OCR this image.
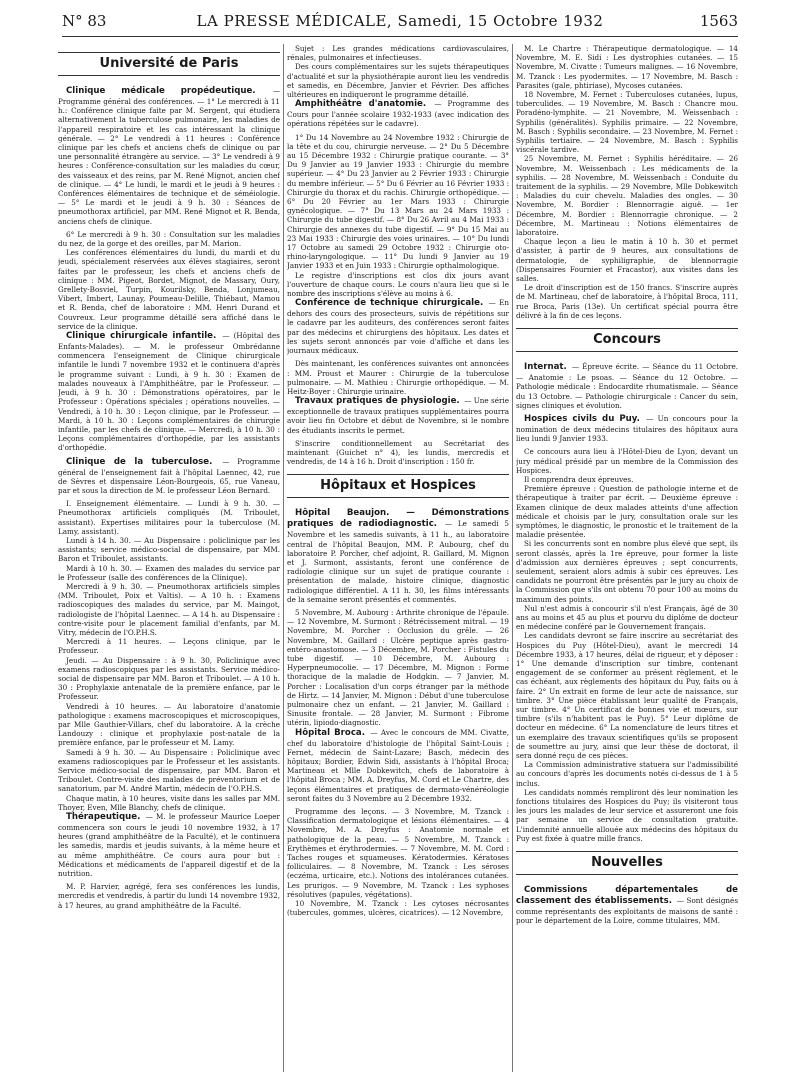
N° 83	LA PRESSE MÉDICALE, Samedi, 15 Octobre 1932	1563
Université de Paris
Clinique médicale propédeutique. — Programme général des conférences. — 1° Le mercredi à 11 h.: Conférence clinique faite par M. Sergent, qui étudiera alternativement la tuberculose pulmonaire, les maladies de l'appareil respiratoire et les cas intéressant la clinique générale. — 2° Le vendredi à 11 heures : Conférence clinique par les chefs et anciens chefs de clinique ou par une personnalité étrangère au service. — 3° Le vendredi à 9 heures : Conférence-consultation sur les maladies du cœur, des vaisseaux et des reins, par M. René Mignot, ancien chef de clinique. — 4° Le lundi, le mardi et le jeudi à 9 heures : Conférences élémentaires de technique et de séméiologie. — 5° Le mardi et le jeudi à 9 h. 30 : Séances de pneumothorax artificiel, par MM. René Mignot et R. Benda, anciens chefs de clinique.

6° Le mercredi à 9 h. 30 : Consultation sur les maladies du nez, de la gorge et des oreilles, par M. Marion.

Les conférences élémentaires du lundi, du mardi et du jeudi, spécialement réservées aux élèves stagiaires, seront faites par le professeur, les chefs et anciens chefs de clinique : MM. Pigeot, Bordet, Mignot, de Massary, Oury, Grellety-Bosviel, Turpin, Kourilsky, Benda, Lonjumeau, Vibert, Imbert, Launay, Poumeau-Delille, Thiébaut, Mamou et R. Benda, chef de laboratoire : MM. Henri Durand et Couvreux. Leur programme détaillé sera affiché dans le service de la clinique.

Clinique chirurgicale infantile. — (Hôpital des Enfants-Malades). — M. le professeur Ombrédanne commencera l'enseignement de Clinique chirurgicale infantile le lundi 7 novembre 1932 et le continuera d'après le programme suivant : Lundi, à 9 h. 30 : Examen de malades nouveaux à l'Amphithéâtre, par le Professeur. — Jeudi, à 9 h. 30 : Démonstrations opératoires, par le Professeur : Opérations spéciales ; opérations nouvelles. — Vendredi, à 10 h. 30 : Leçon clinique, par le Professeur. — Mardi, à 10 h. 30 : Leçons complémentaires de chirurgie infantile, par les chefs de clinique. — Mercredi, à 10 h. 30 : Leçons complémentaires d'orthopédie, par les assistants d'orthopédie.
Clinique de la tuberculose. — Programme général de l'enseignement fait à l'hôpital Laennec, 42, rue de Sèvres et dispensaire Léon-Bourgeois, 65, rue Vaneau, par et sous la direction de M. le professeur Léon Bernard.

I. Enseignement élémentaire. — Lundi à 9 h. 30. — Pneumothorax artificiels compliqués (M. Triboulet, assistant). Expertises militaires pour la tuberculose (M. Lamy, assistant).

Lundi à 14 h. 30. — Au Dispensaire : policlinique par les assistants; service médico-social de dispensaire, par MM. Baron et Triboulet, assistants.

Mardi à 10 h. 30. — Examen des malades du service par le Professeur (salle des conférences de la Clinique).

Mercredi à 9 h. 30. — Pneumothorax artificiels simples (MM. Triboulet, Poix et Valtis). — A 10 h. : Examens radioscopiques des malades du service, par M. Maingot, radiologiste de l'hôpital Laennec. — A 14 h. au Dispensaire : contre-visite pour le placement familial d'enfants, par M. Vitry, médecin de l'O.P.H.S.

Mercredi à 11 heures. — Leçons clinique, par le Professeur.

Jeudi. — Au Dispensaire : à 9 h. 30, Policlinique avec examens radioscopiques par les assistants. Service médico-social de dispensaire par MM. Baron et Triboulet. — A 10 h. 30 : Prophylaxie antenatale de la première enfance, par le Professeur.

Vendredi à 10 heures. — Au laboratoire d'anatomie pathologique : examens macroscopiques et microscopiques, par Mlle Gauthier-Villars, chef du laboratoire. A la crèche Landouzy : clinique et prophylaxie post-natale de la première enfance, par le professeur et M. Lamy.

Samedi à 9 h. 30. — Au Dispensaire : Policlinique avec examens radioscopiques par le Professeur et les assistants. Service médico-social de dispensaire, par MM. Baron et Triboulet. Contre-visite des malades de préventorium et de sanatorium, par M. André Martin, médecin de l'O.P.H.S.

Chaque matin, à 10 heures, visite dans les salles par MM. Thoyer, Even, Mlle Blanchy, chefs de clinique.

Thérapeutique. — M. le professeur Maurice Loeper commencera son cours le jeudi 10 novembre 1932, à 17 heures (grand amphithéâtre de la Faculté), et le continuera les samedis, mardis et jeudis suivants, à la même heure et au même amphithéâtre. Ce cours aura pour but : Médications et médicaments de l'appareil digestif et de la nutrition.

M. P. Harvier, agrégé, fera ses conférences les lundis, mercredis et vendredis, à partir du lundi 14 novembre 1932, à 17 heures, au grand amphithéâtre de la Faculté.

Sujet : Les grandes médications cardiovasculaires, rénales, pulmonaires et infectieuses.

Des cours complémentaires sur les sujets thérapeutiques d'actualité et sur la physiothérapie auront lieu les vendredis et samedis, en Décembre, Janvier et Février. Des affiches ultérieures en indiqueront le programme détaillé.

Amphithéâtre d'anatomie. — Programme des Cours pour l'année scolaire 1932-1933 (avec indication des opérations répétées sur le cadavre).

1° Du 14 Novembre au 24 Novembre 1932 : Chirurgie de la tête et du cou, chirurgie nerveuse. — 2° Du 5 Décembre au 15 Décembre 1932 : Chirurgie pratique courante. — 3° Du 9 Janvier au 19 Janvier 1933 : Chirurgie du membre supérieur. — 4° Du 23 Janvier au 2 Février 1933 : Chirurgie du membre inférieur. — 5° Du 6 Février au 16 Février 1933 : Chirurgie du thorax et du rachis. Chirurgie orthopédique. — 6° Du 20 Février au 1er Mars 1933 : Chirurgie gynécologique. — 7° Du 13 Mars au 24 Mars 1933 : Chirurgie du tube digestif. — 8° Du 26 Avril au 4 Mai 1933 : Chirurgie des annexes du tube digestif. — 9° Du 15 Mai au 23 Mai 1933 : Chirurgie des voies urinaires. — 10° Du lundi 17 Octobre au samedi 29 Octobre 1932 : Chirurgie oto-rhino-laryngologique. — 11° Du lundi 9 Janvier au 19 Janvier 1933 et en Juin 1933 : Chirurgie opthalmologique.

Le registre d'inscriptions est clos dix jours avant l'ouverture de chaque cours. Le cours n'aura lieu que si le nombre des inscriptions s'élève au moins à 6.

Conférence de technique chirurgicale. — En dehors des cours des prosecteurs, suivis de répétitions sur le cadavre par les auditeurs, des conférences seront faites par des médecins et chirurgiens des hôpitaux. Les dates et les sujets seront annoncés par voie d'affiche et dans les journaux médicaux.

Dès maintenant, les conférences suivantes ont annoncées : MM. Proust et Maurer : Chirurgie de la tuberculose pulmonaire. — M. Mathieu : Chirurgie orthopédique. — M. Heitz-Boyer : Chirurgie urinaire.

Travaux pratiques de physiologie. — Une série exceptionnelle de travaux pratiques supplémentaires pourra avoir lieu fin Octobre et début de Novembre, si le nombre des étudiants inscrits le permet.

S'inscrire conditionnellement au Secrétariat des maintenant (Guichet n° 4), les lundis, mercredis et vendredis, de 14 à 16 h. Droit d'inscription : 150 fr.

Hôpitaux et Hospices
Hôpital Beaujon. — Démonstrations pratiques de radiodiagnostic. — Le samedi 5 Novembre et les samedis suivants, à 11 h., au laboratoire central de l'hôpital Beaujon, MM. P. Aubourg, chef du laboratoire P. Porcher, chef adjoint, R. Gaillard, M. Mignon et J. Surmont, assistants, feront une conférence de radiologie clinique sur un sujet de pratique courante : présentation de malade, histoire clinique, diagnostic radiologique différentiel. A 11 h. 30, les films intéressants de la semaine seront présentés et commentés.

5 Novembre, M. Aubourg : Arthrite chronique de l'épaule. — 12 Novembre, M. Surmont : Rétrécissement mitral. — 19 Novembre, M. Porcher : Occlusion du grêle. — 26 Novembre, M. Gaillard : Ulcère peptique après gastro-entéro-anastomose. — 3 Décembre, M. Porcher : Fistules du tube digestif. — 10 Décembre, M. Aubourg : Hyperpneumocolie. — 17 Décembre, M. Mignon : Forme thoracique de la maladie de Hodgkin. — 7 Janvier, M. Porcher : Localisation d'un corps étranger par la méthode de Hirtz. — 14 Janvier, M. Mignon : Début d'une tuberculose pulmonaire chez un enfant. — 21 Janvier, M. Gaillard : Sinusite frontale. — 28 Janvier, M. Surmont : Fibrome utérin, lipiodo-diagnostic.

Hôpital Broca. — Avec le concours de MM. Civatte, chef du laboratoire d'histologie de l'hôpital Saint-Louis ; Fernet, médecin de Saint-Lazare; Basch, médecin des hôpitaux; Bordier, Edwin Sidi, assistants à l'hôpital Broca; Martineau et Mlle Dobkewitch, chefs de laboratoire à l'hôpital Broca ; MM. A. Dreyfus, M. Cord et Le Chartre, des leçons élémentaires et pratiques de dermato-vénéréologie seront faites du 3 Novembre au 2 Décembre 1932.

Programme des leçons. — 3 Novembre, M. Tzanck : Classification dermatologique et lésions élémentaires. — 4 Novembre, M. A. Dreyfus : Anatomie normale et pathologique de la peau. — 5 Novembre, M. Tzanck : Erythèmes et érythrodermies. — 7 Novembre, M. M. Cord : Taches rouges et squameuses. Kératodermies. Kératoses folliculaires. — 8 Novembre, M. Tzanck : Les séroses (eczéma, urticaire, etc.). Notions des intolérances cutanées. Les prurigos. — 9 Novembre, M. Tzanck : Les syphoses résolutives (papules, végétations).

10 Novembre, M. Tzanck : Les cytoses nécrosantes (tubercules, gommes, ulcères, cicatrices). — 12 Novembre,

M. Le Chartre : Thérapeutique dermatologique. — 14 Novembre, M. E. Sidi : Les dystrophies cutanées. — 15 Novembre, M. Civatte : Tumeurs malignes. — 16 Novembre, M. Tzanck : Les pyodermites. — 17 Novembre, M. Basch : Parasites (gale, phtiriase), Mycoses cutanées.

18 Novembre, M. Fernet : Tuberculoses cutanées, lupus, tuberculides. — 19 Novembre, M. Basch : Chancre mou. Poradéno-lymphite. — 21 Novembre, M. Weissenbach : Syphilis (généralités). Syphilis primaire. — 22 Novembre, M. Basch : Syphilis secondaire. — 23 Novembre, M. Fernet : Syphilis tertiaire. — 24 Novembre, M. Basch : Syphilis viscérale tardive.

25 Novembre, M. Fernet : Syphilis héréditaire. — 26 Novembre, M. Weissenbach : Les médicaments de la syphilis. — 28 Novembre, M. Weissenbach : Conduite du traitement de la syphilis. — 29 Novembre, Mlle Dobkewitch : Maladies du cuir chevelu. Maladies des ongles. — 30 Novembre, M. Bordier : Blennorragie aiguë. — 1er Décembre, M. Bordier : Blennorragie chronique. — 2 Décembre, M. Martineau : Notions élémentaires de laboratoire.

Chaque leçon a lieu le matin à 10 h. 30 et permet d'assister, à partir de 9 heures, aux consultations de dermatologie, de syphiligraphie, de blennorragie (Dispensaires Fournier et Fracastor), aux visites dans les salles.

Le droit d'inscription est de 150 francs. S'inscrire auprès de M. Martineau, chef de laboratoire, à l'hôpital Broca, 111, rue Broca, Paris (13e). Un certificat spécial pourra être délivré à la fin de ces leçons.

Concours
Internat. — Épreuve écrite. — Séance du 11 Octobre. — Anatomie : Le psoas. — Séance du 12 Octobre. — Pathologie médicale : Endocardite rhumatismale. — Séance du 13 Octobre. — Pathologie chirurgicale : Cancer du sein, signes cliniques et évolution.
Hospices civils du Puy. — Un concours pour la nomination de deux médecins titulaires des hôpitaux aura lieu lundi 9 Janvier 1933.

Ce concours aura lieu à l'Hôtel-Dieu de Lyon, devant un jury médical présidé par un membre de la Commission des Hospices.

Il comprendra deux épreuves.

Première épreuve : Question de pathologie interne et de thérapeutique à traiter par écrit. — Deuxième épreuve : Examen clinique de deux malades atteints d'une affection médicale et choisis par le jury, consultation orale sur les symptômes, le diagnostic, le pronostic et le traitement de la maladie présentée.

Si les concurrents sont en nombre plus élevé que sept, ils seront classés, après la 1re épreuve, pour former la liste d'admission aux dernières épreuves ; sept concurrents, seulement, seraient alors admis à subir ces épreuves. Les candidats ne pourront être présentés par le jury au choix de la Commission que s'ils ont obtenu 70 pour 100 au moins du maximum des points.

Nul n'est admis à concourir s'il n'est Français, âgé de 30 ans au moins et 45 au plus et pourvu du diplôme de docteur en médecine conféré par le Gouvernement français.

Les candidats devront se faire inscrire au secrétariat des Hospices du Puy (Hôtel-Dieu), avant le mercredi 14 Décembre 1933, à 17 heures, délai de rigueur, et y déposer : 1° Une demande d'inscription sur timbre, contenant engagement de se conformer au présent règlement, et le cas échéant, aux règlements des hôpitaux du Puy, faits ou à faire. 2° Un extrait en forme de leur acte de naissance, sur timbre. 3° Une pièce établissant leur qualité de Français, sur timbre. 4° Un certificat de bonnes vie et mœurs, sur timbre (s'ils n'habitent pas le Puy). 5° Leur diplôme de docteur en médecine. 6° La nomenclature de leurs titres et un exemplaire des travaux scientifiques qu'ils se proposent de soumettre au jury, ainsi que leur thèse de doctorat, il sera donné reçu de ces pièces.

La Commission administrative statuera sur l'admissibilité au concours d'après les documents notés ci-dessus de 1 à 5 inclus.

Les candidats nommés rempliront dès leur nomination les fonctions titulaires des Hospices du Puy; ils visiteront tous les jours les malades de leur service et assureront une fois par semaine un service de consultation gratuite. L'indemnité annuelle allouée aux médecins des hôpitaux du Puy est fixée à quatre mille francs.

Nouvelles
Commissions départementales de classement des établissements. — Sont désignés comme représentants des exploitants de maisons de santé : pour le département de la Loire, comme titulaires, MM.
